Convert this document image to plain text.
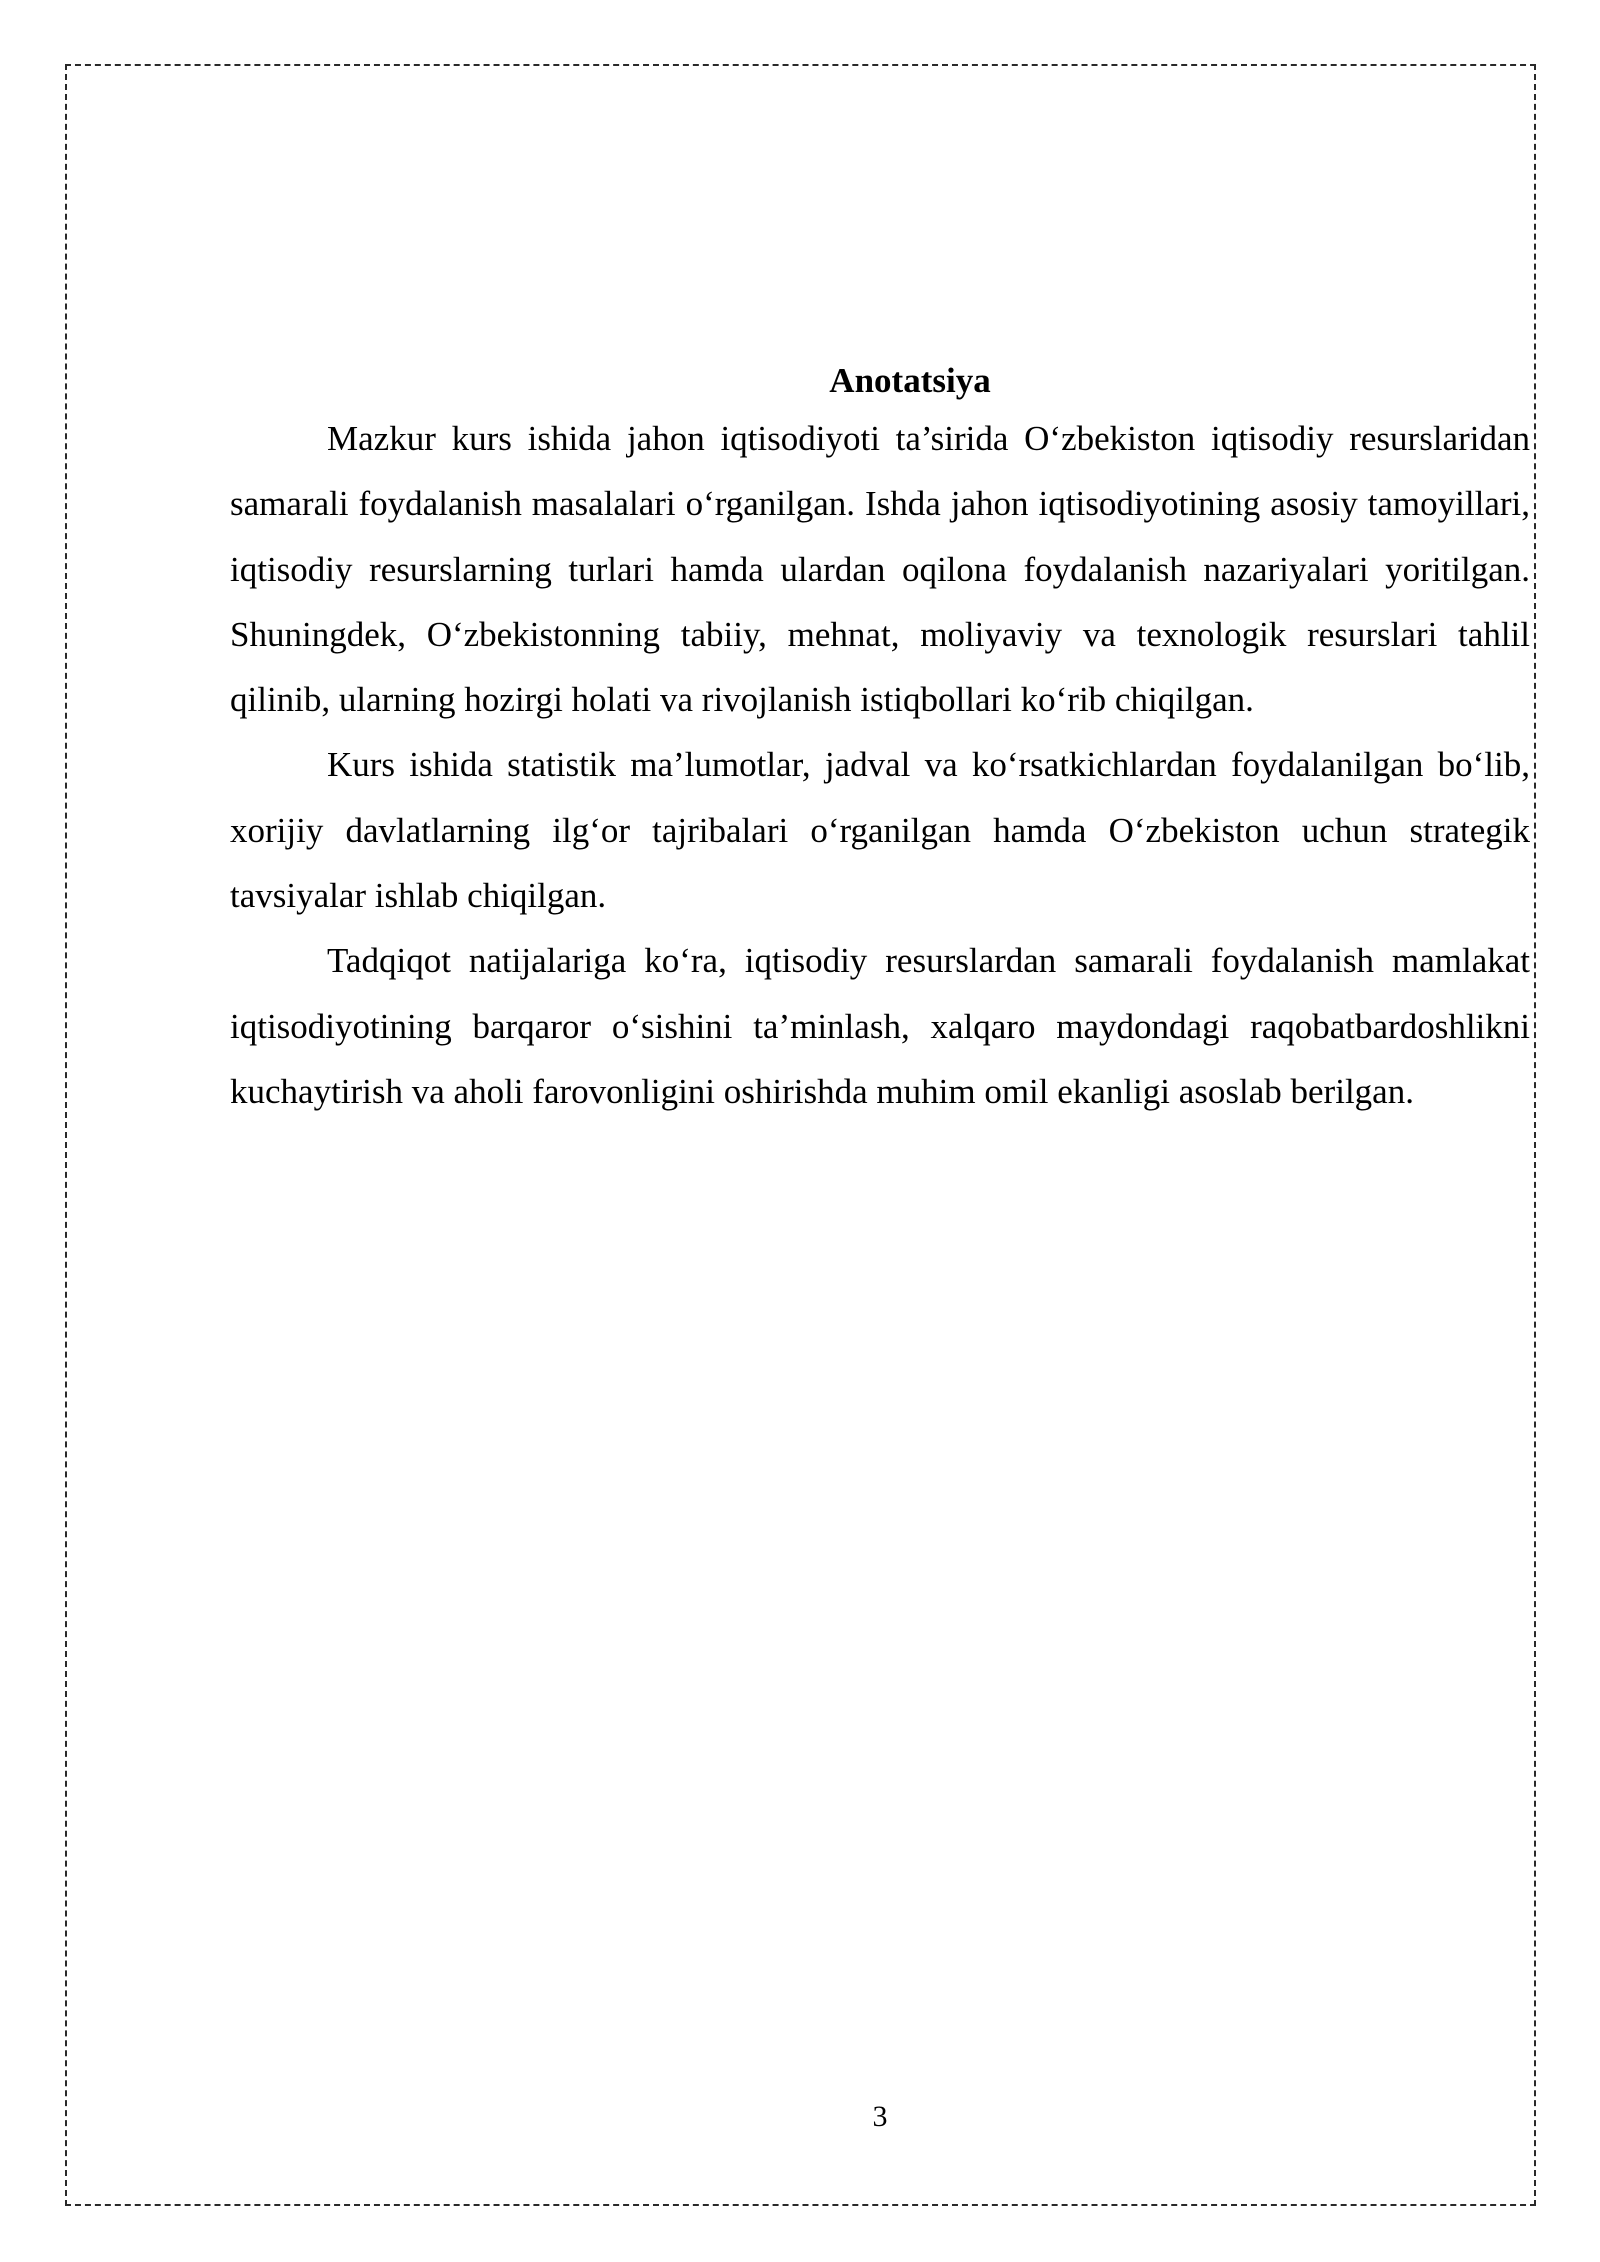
Anotatsiya

Mazkur kurs ishida jahon iqtisodiyoti ta’sirida O‘zbekiston iqtisodiy resurslaridan samarali foydalanish masalalari o‘rganilgan. Ishda jahon iqtisodiyotining asosiy tamoyillari, iqtisodiy resurslarning turlari hamda ulardan oqilona foydalanish nazariyalari yoritilgan. Shuningdek, O‘zbekistonning tabiiy, mehnat, moliyaviy va texnologik resurslari tahlil qilinib, ularning hozirgi holati va rivojlanish istiqbollari ko‘rib chiqilgan.

Kurs ishida statistik ma’lumotlar, jadval va ko‘rsatkichlardan foydalanilgan bo‘lib, xorijiy davlatlarning ilg‘or tajribalari o‘rganilgan hamda O‘zbekiston uchun strategik tavsiyalar ishlab chiqilgan.

Tadqiqot natijalariga ko‘ra, iqtisodiy resurslardan samarali foydalanish mamlakat iqtisodiyotining barqaror o‘sishini ta’minlash, xalqaro maydondagi raqobatbardoshlikni kuchaytirish va aholi farovonligini oshirishda muhim omil ekanligi asoslab berilgan.

3
